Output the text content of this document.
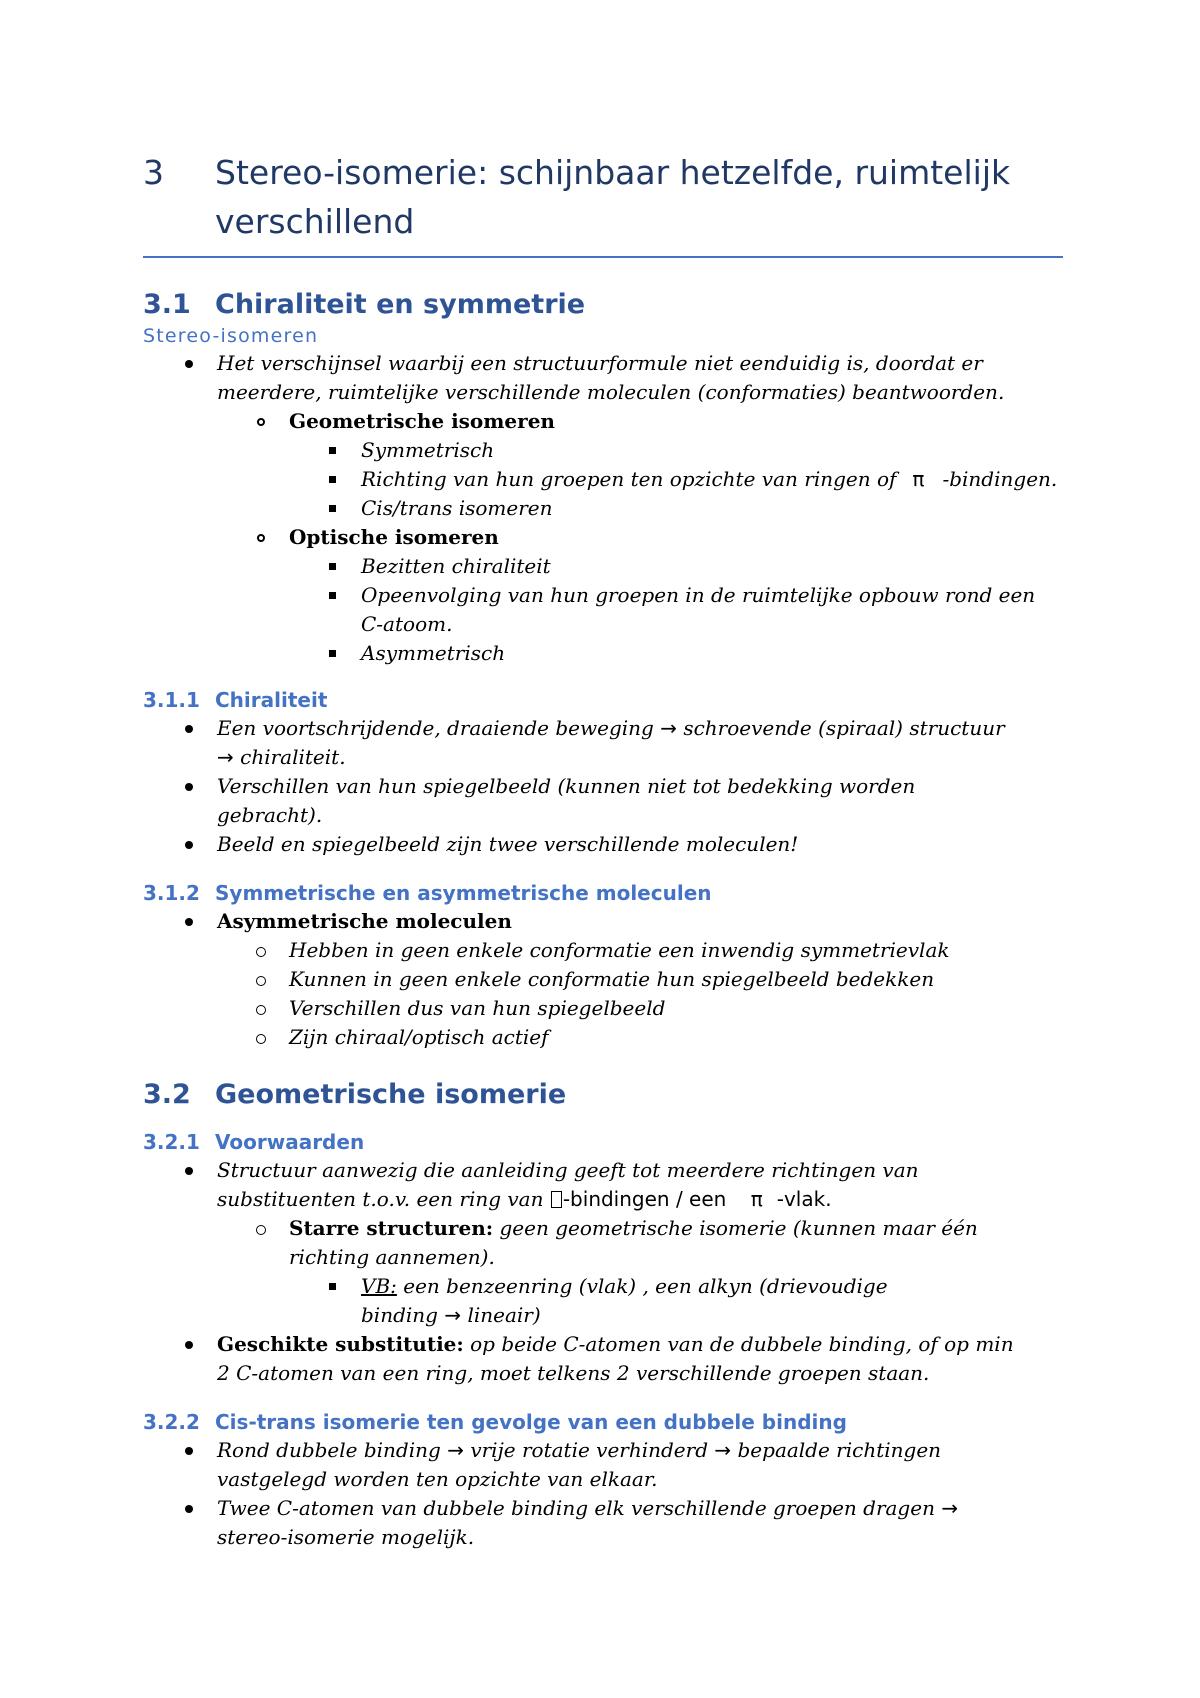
3	Stereo-isomerie: schijnbaar hetzelfde, ruimtelijk verschillend
3.1 Chiraliteit en symmetrie
Stereo-isomeren
Het verschijnsel waarbij een structuurformule niet eenduidig is, doordat er meerdere, ruimtelijke verschillende moleculen (conformaties) beantwoorden.
Geometrische isomeren
Symmetrisch
Richting van hun groepen ten opzichte van ringen of π -bindingen.
Cis/trans isomeren
Optische isomeren
Bezitten chiraliteit
Opeenvolging van hun groepen in de ruimtelijke opbouw rond een C-atoom.
Asymmetrisch
3.1.1 Chiraliteit
Een voortschrijdende, draaiende beweging → schroevende (spiraal) structuur → chiraliteit.
Verschillen van hun spiegelbeeld (kunnen niet tot bedekking worden gebracht).
Beeld en spiegelbeeld zijn twee verschillende moleculen!
3.1.2 Symmetrische en asymmetrische moleculen
Asymmetrische moleculen
Hebben in geen enkele conformatie een inwendig symmetrievlak
Kunnen in geen enkele conformatie hun spiegelbeeld bedekken
Verschillen dus van hun spiegelbeeld
Zijn chiraal/optisch actief
3.2 Geometrische isomerie
3.2.1 Voorwaarden
Structuur aanwezig die aanleiding geeft tot meerdere richtingen van substituenten t.o.v. een ring van -bindingen / een π -vlak.
Starre structuren: geen geometrische isomerie (kunnen maar één richting aannemen).
VB: een benzeenring (vlak) , een alkyn (drievoudige binding → lineair)
Geschikte substitutie: op beide C-atomen van de dubbele binding, of op min 2 C-atomen van een ring, moet telkens 2 verschillende groepen staan.
3.2.2 Cis-trans isomerie ten gevolge van een dubbele binding
Rond dubbele binding → vrije rotatie verhinderd → bepaalde richtingen vastgelegd worden ten opzichte van elkaar.
Twee C-atomen van dubbele binding elk verschillende groepen dragen → stereo-isomerie mogelijk.
